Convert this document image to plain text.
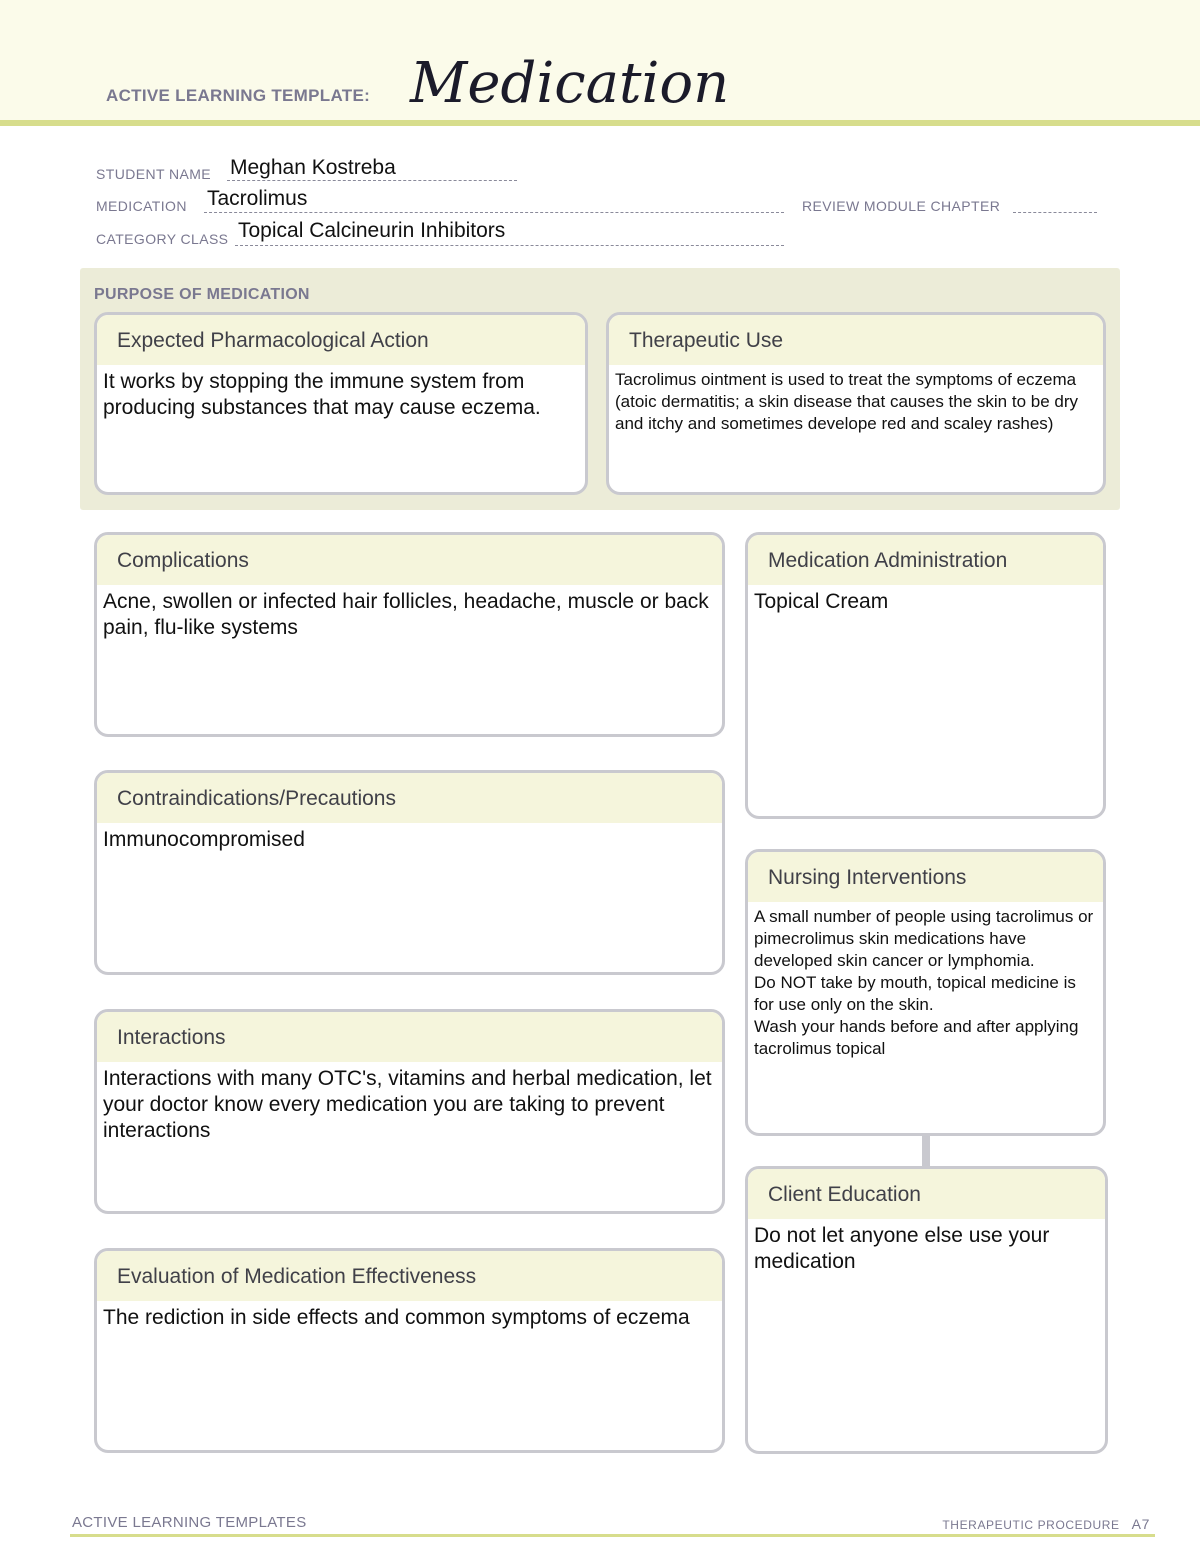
ACTIVE LEARNING TEMPLATE: Medication
STUDENT NAME Meghan Kostreba
MEDICATION Tacrolimus	REVIEW MODULE CHAPTER
CATEGORY CLASS Topical Calcineurin Inhibitors
PURPOSE OF MEDICATION
Expected Pharmacological Action
It works by stopping the immune system from producing substances that may cause eczema.
Therapeutic Use
Tacrolimus ointment is used to treat the symptoms of eczema (atoic dermatitis; a skin disease that causes the skin to be dry and itchy and sometimes develope red and scaley rashes)
Complications
Acne, swollen or infected hair follicles, headache, muscle or back pain, flu-like systems
Contraindications/Precautions
Immunocompromised
Interactions
Interactions with many OTC's, vitamins and herbal medication, let your doctor know every medication you are taking to prevent interactions
Evaluation of Medication Effectiveness
The rediction in side effects and common symptoms of eczema
Medication Administration
Topical Cream
Nursing Interventions
A small number of people using tacrolimus or pimecrolimus skin medications have developed skin cancer or lymphomia.
Do NOT take by mouth, topical medicine is for use only on the skin.
Wash your hands before and after applying tacrolimus topical
Client Education
Do not let anyone else use your medication
ACTIVE LEARNING TEMPLATES	THERAPEUTIC PROCEDURE A7
